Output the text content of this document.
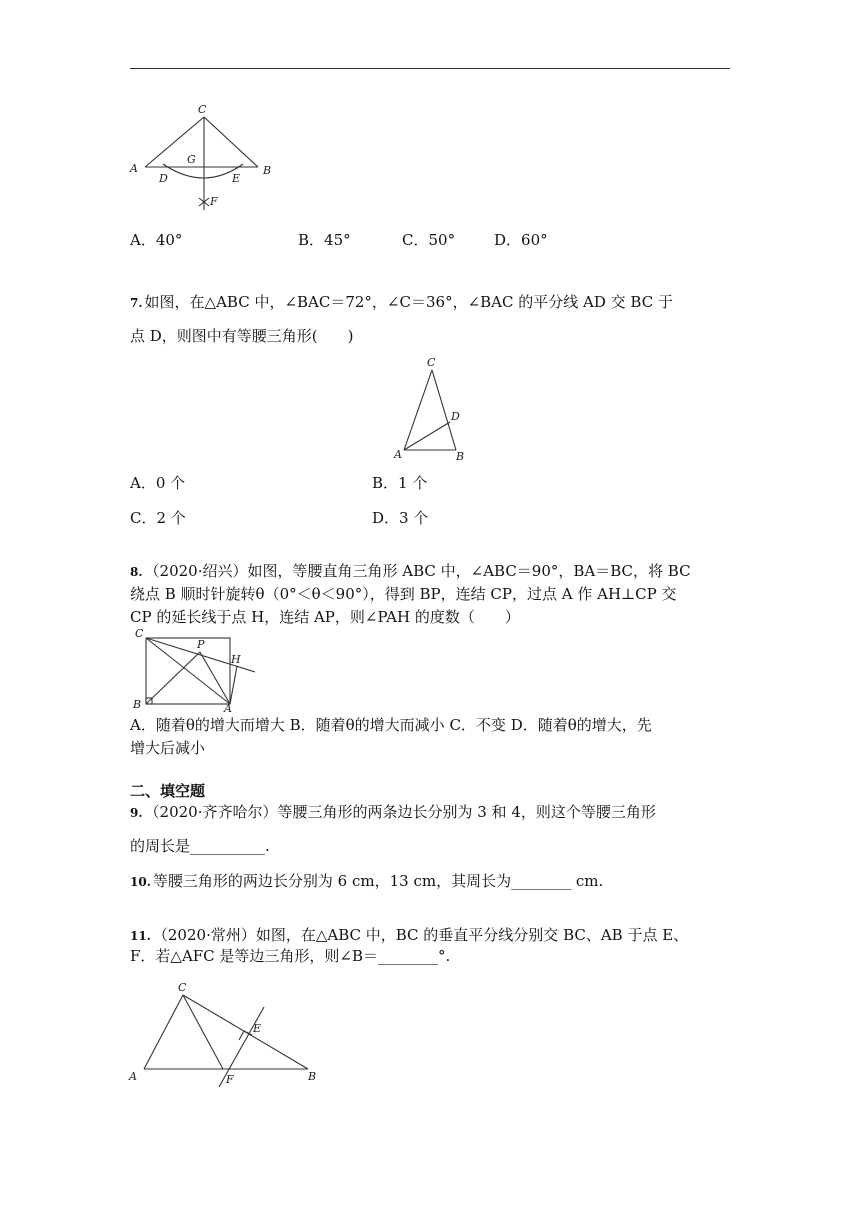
C
A	B
G
D	E
F
A．40°	B．45°	C．50°	D．60°
7. 如图，在△ABC 中，∠BAC＝72°，∠C＝36°，∠BAC 的平分线 AD 交 BC 于
点 D，则图中有等腰三角形(　　)
C
D
A	B
A．0 个	B．1 个
C．2 个	D．3 个
8. （2020·绍兴）如图，等腰直角三角形 ABC 中，∠ABC＝90°，BA＝BC，将 BC
绕点 B 顺时针旋转θ（0°＜θ＜90°），得到 BP，连结 CP，过点 A 作 AH⊥CP 交
CP 的延长线于点 H，连结 AP，则∠PAH 的度数（　　）
C
P
H
B	A
A．随着θ的增大而增大 B．随着θ的增大而减小 C．不变 D．随着θ的增大，先
增大后减小
二、填空题
9. （2020·齐齐哈尔）等腰三角形的两条边长分别为 3 和 4，则这个等腰三角形
的周长是__________.
10. 等腰三角形的两边长分别为 6 cm，13 cm，其周长为________ cm.
11. （2020·常州）如图，在△ABC 中，BC 的垂直平分线分别交 BC、AB 于点 E、
F．若△AFC 是等边三角形，则∠B＝________°.
C
E
A	F	B
